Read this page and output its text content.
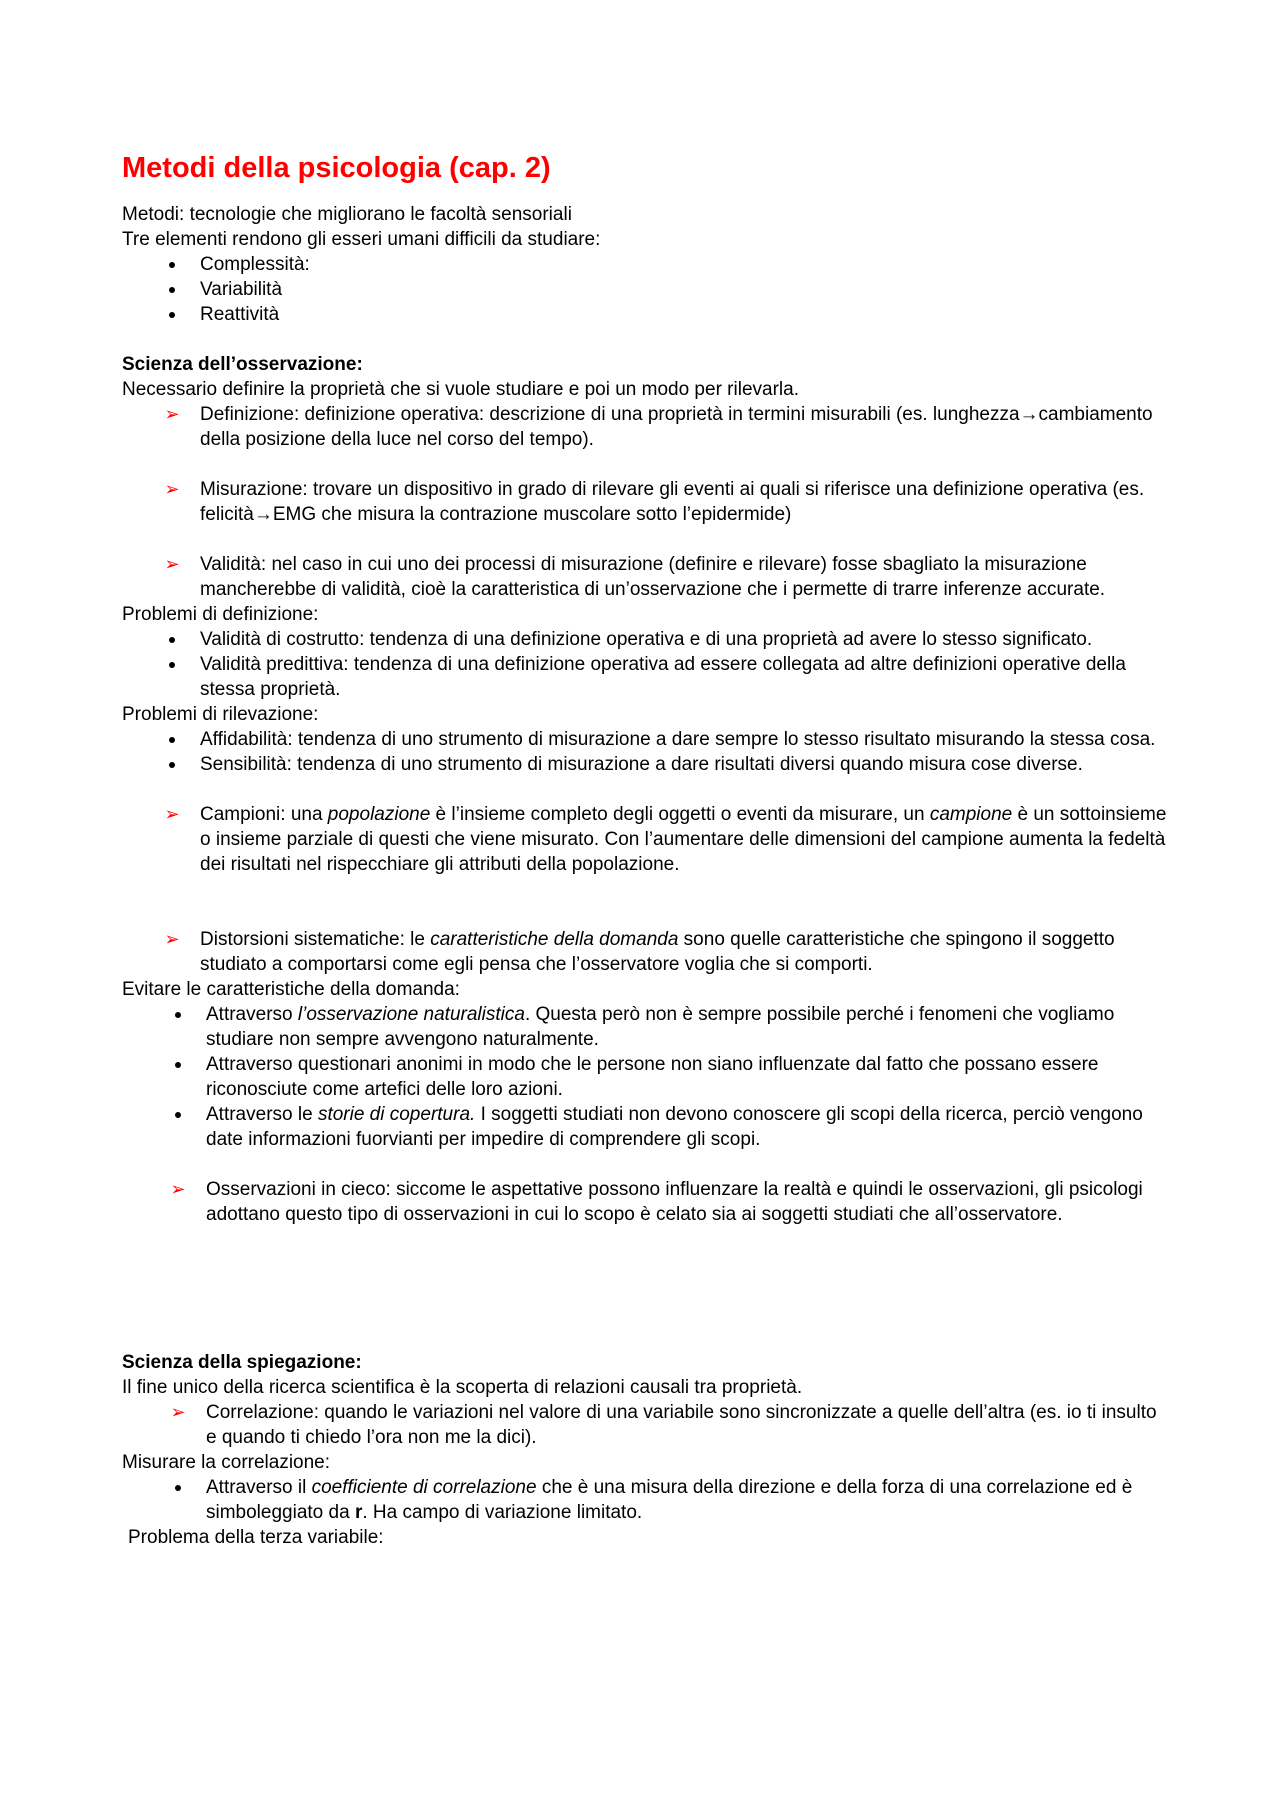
Metodi della psicologia (cap. 2)

Metodi: tecnologie che migliorano le facoltà sensoriali

Tre elementi rendono gli esseri umani difficili da studiare:

Complessità:
Variabilità
Reattività

Scienza dell’osservazione:

Necessario definire la proprietà che si vuole studiare e poi un modo per rilevarla.

➢ Definizione: definizione operativa: descrizione di una proprietà in termini misurabili (es. lunghezza→cambiamento della posizione della luce nel corso del tempo).
➢ Misurazione: trovare un dispositivo in grado di rilevare gli eventi ai quali si riferisce una definizione operativa (es. felicità→EMG che misura la contrazione muscolare sotto l’epidermide)
➢ Validità: nel caso in cui uno dei processi di misurazione (definire e rilevare) fosse sbagliato la misurazione mancherebbe di validità, cioè la caratteristica di un’osservazione che i permette di trarre inferenze accurate.

Problemi di definizione:

Validità di costrutto: tendenza di una definizione operativa e di una proprietà ad avere lo stesso significato.
Validità predittiva: tendenza di una definizione operativa ad essere collegata ad altre definizioni operative della stessa proprietà.

Problemi di rilevazione:

Affidabilità: tendenza di uno strumento di misurazione a dare sempre lo stesso risultato misurando la stessa cosa.
Sensibilità: tendenza di uno strumento di misurazione a dare risultati diversi quando misura cose diverse.
➢ Campioni: una popolazione è l’insieme completo degli oggetti o eventi da misurare, un campione è un sottoinsieme o insieme parziale di questi che viene misurato. Con l’aumentare delle dimensioni del campione aumenta la fedeltà dei risultati nel rispecchiare gli attributi della popolazione.
➢ Distorsioni sistematiche: le caratteristiche della domanda sono quelle caratteristiche che spingono il soggetto studiato a comportarsi come egli pensa che l’osservatore voglia che si comporti.

Evitare le caratteristiche della domanda:

Attraverso l’osservazione naturalistica. Questa però non è sempre possibile perché i fenomeni che vogliamo studiare non sempre avvengono naturalmente.
Attraverso questionari anonimi in modo che le persone non siano influenzate dal fatto che possano essere riconosciute come artefici delle loro azioni.
Attraverso le storie di copertura. I soggetti studiati non devono conoscere gli scopi della ricerca, perciò vengono date informazioni fuorvianti per impedire di comprendere gli scopi.
➢ Osservazioni in cieco: siccome le aspettative possono influenzare la realtà e quindi le osservazioni, gli psicologi adottano questo tipo di osservazioni in cui lo scopo è celato sia ai soggetti studiati che all’osservatore.

Scienza della spiegazione:

Il fine unico della ricerca scientifica è la scoperta di relazioni causali tra proprietà.

➢ Correlazione: quando le variazioni nel valore di una variabile sono sincronizzate a quelle dell’altra (es. io ti insulto e quando ti chiedo l’ora non me la dici).

Misurare la correlazione:

Attraverso il coefficiente di correlazione che è una misura della direzione e della forza di una correlazione ed è simboleggiato da r. Ha campo di variazione limitato.

Problema della terza variabile:
